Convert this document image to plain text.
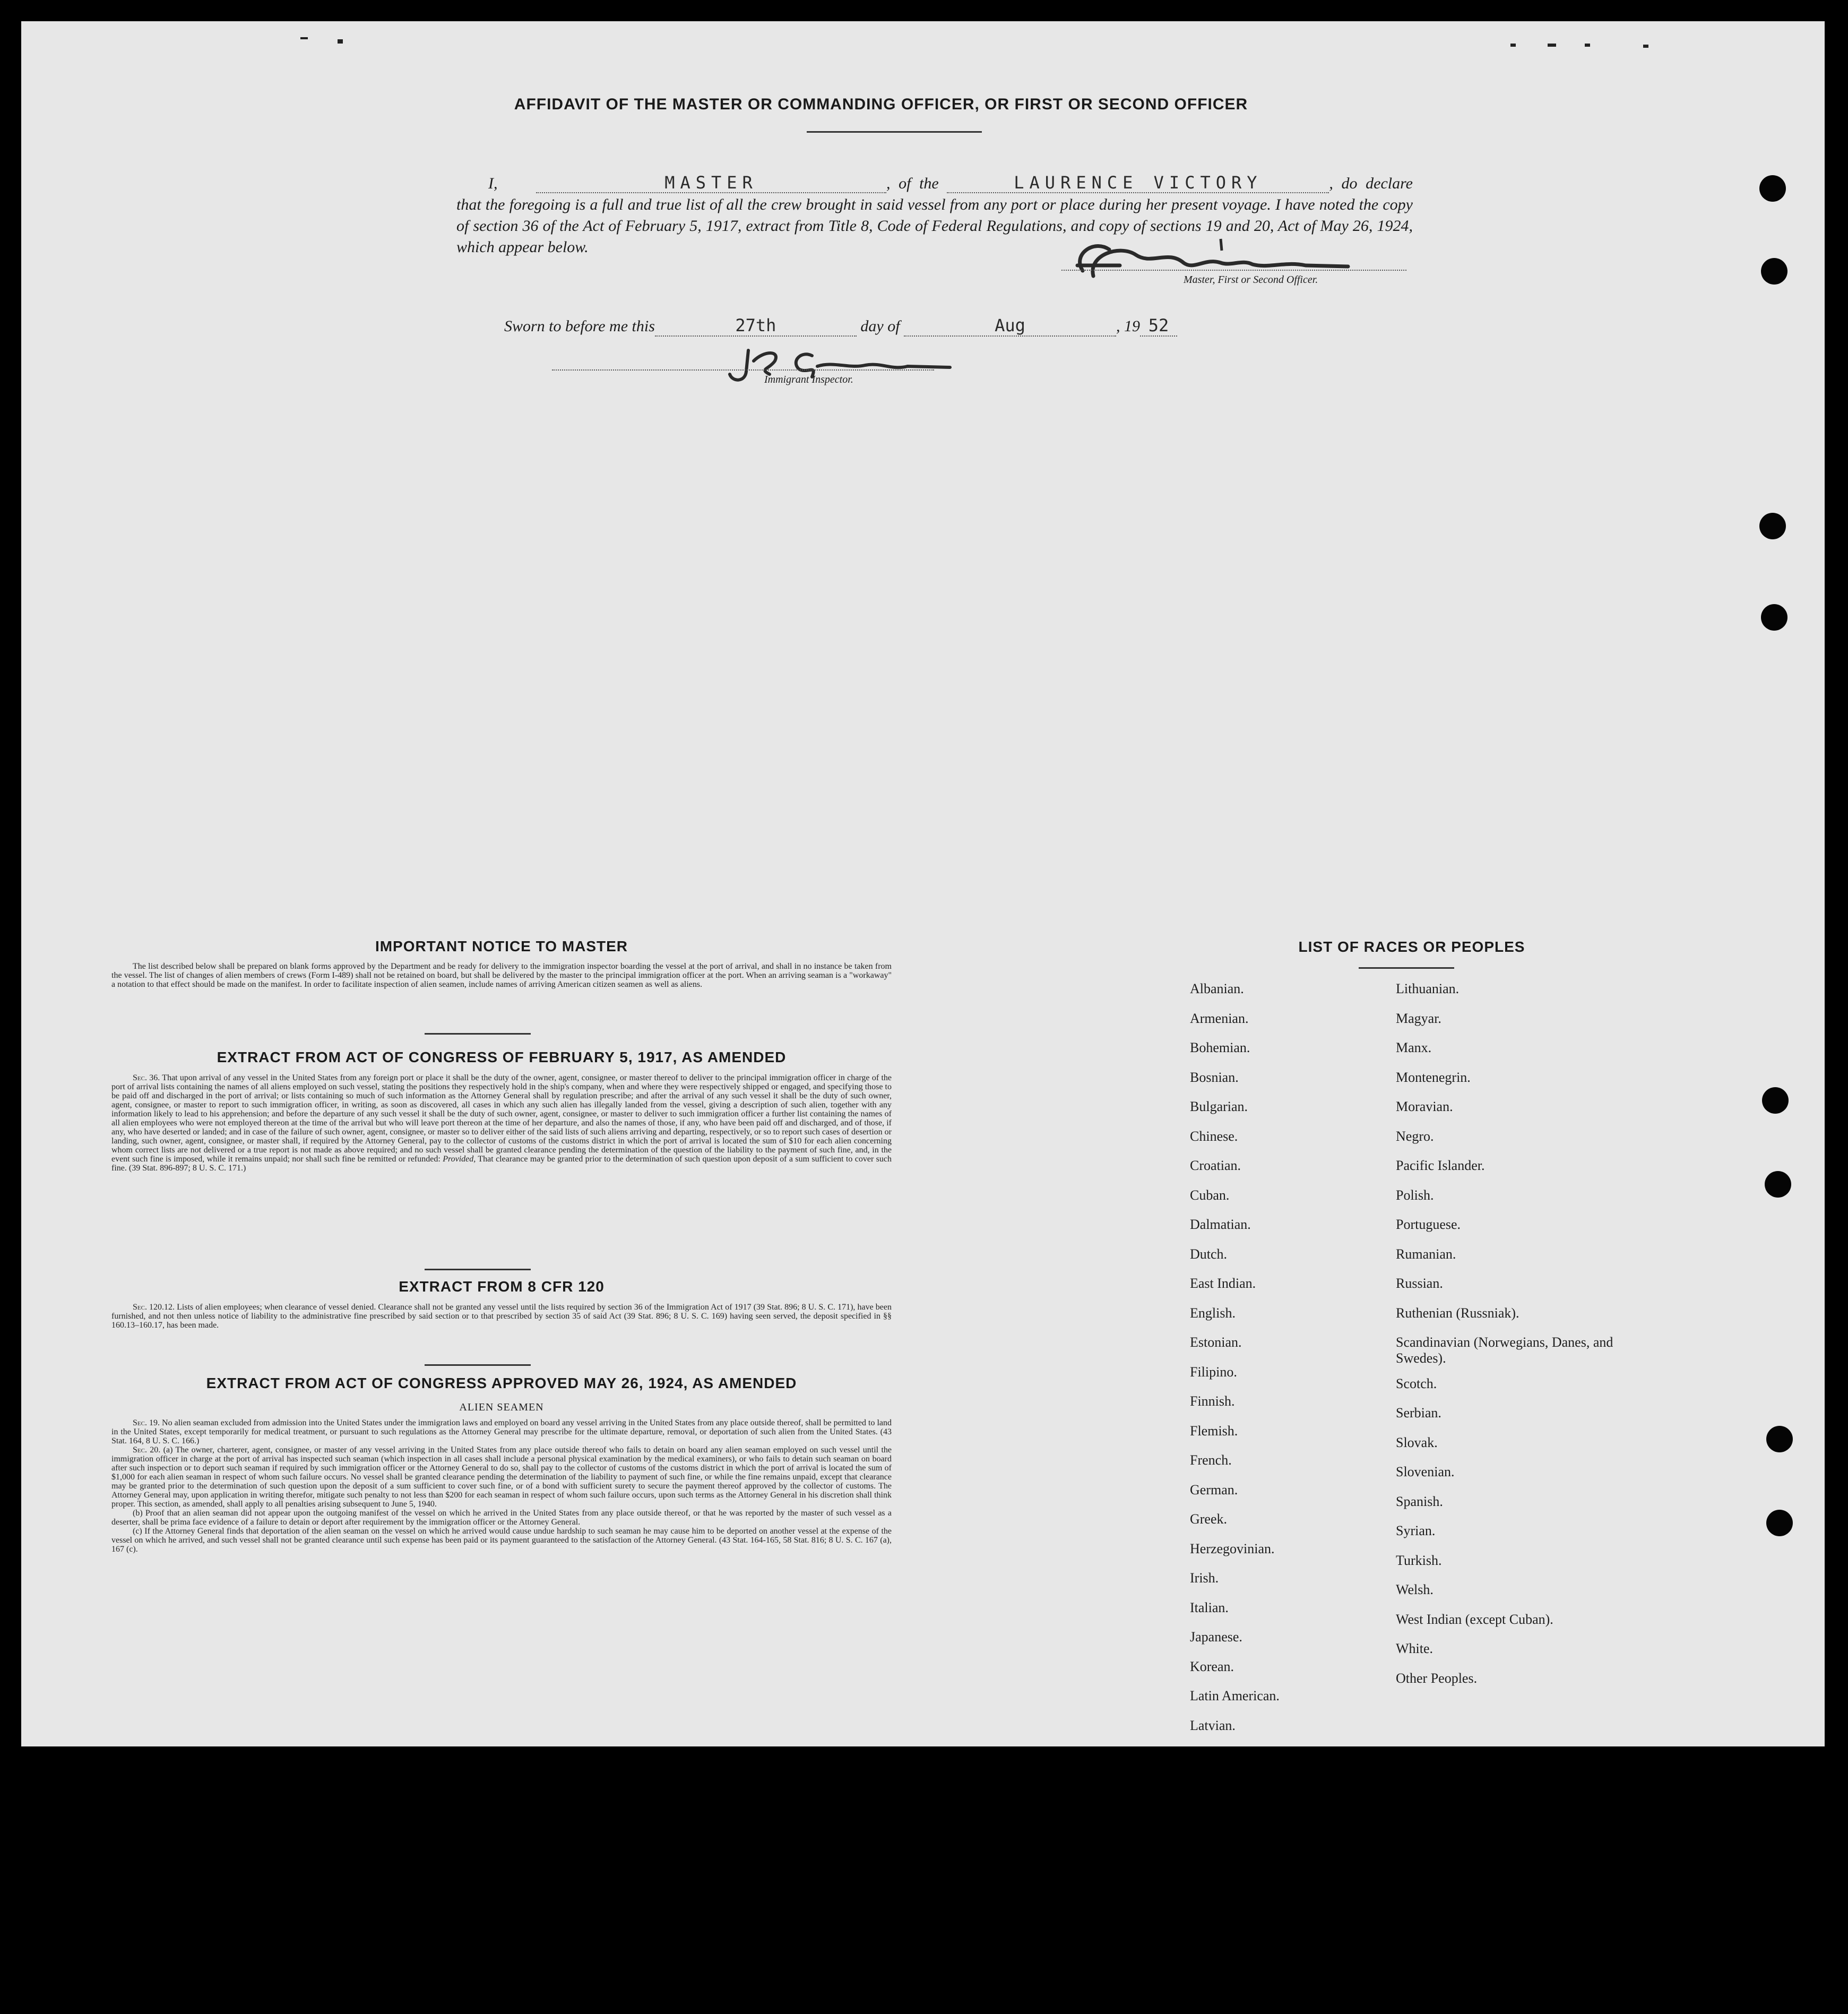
AFFIDAVIT OF THE MASTER OR COMMANDING OFFICER, OR FIRST OR SECOND OFFICER
I,	MASTER	, of the	LAURENCE VICTORY	, do declare that the foregoing is a full and true list of all the crew brought in said vessel from any port or place during her present voyage. I have noted the copy of section 36 of the Act of February 5, 1917, extract from Title 8, Code of Federal Regulations, and copy of sections 19 and 20, Act of May 26, 1924, which appear below.
Master, First or Second Officer.
Sworn to before me this	27th	day of	Aug	, 19 52
Immigrant Inspector.
IMPORTANT NOTICE TO MASTER

The list described below shall be prepared on blank forms approved by the Department and be ready for delivery to the immigration inspector boarding the vessel at the port of arrival, and shall in no instance be taken from the vessel. The list of changes of alien members of crews (Form I-489) shall not be retained on board, but shall be delivered by the master to the principal immigration officer at the port. When an arriving seaman is a "workaway" a notation to that effect should be made on the manifest. In order to facilitate inspection of alien seamen, include names of arriving American citizen seamen as well as aliens.

EXTRACT FROM ACT OF CONGRESS OF FEBRUARY 5, 1917, AS AMENDED

Sec. 36. That upon arrival of any vessel in the United States from any foreign port or place it shall be the duty of the owner, agent, consignee, or master thereof to deliver to the principal immigration officer in charge of the port of arrival lists containing the names of all aliens employed on such vessel, stating the positions they respectively hold in the ship's company, when and where they were respectively shipped or engaged, and specifying those to be paid off and discharged in the port of arrival; or lists containing so much of such information as the Attorney General shall by regulation prescribe; and after the arrival of any such vessel it shall be the duty of such owner, agent, consignee, or master to report to such immigration officer, in writing, as soon as discovered, all cases in which any such alien has illegally landed from the vessel, giving a description of such alien, together with any information likely to lead to his apprehension; and before the departure of any such vessel it shall be the duty of such owner, agent, consignee, or master to deliver to such immigration officer a further list containing the names of all alien employees who were not employed thereon at the time of the arrival but who will leave port thereon at the time of her departure, and also the names of those, if any, who have been paid off and discharged, and of those, if any, who have deserted or landed; and in case of the failure of such owner, agent, consignee, or master so to deliver either of the said lists of such aliens arriving and departing, respectively, or so to report such cases of desertion or landing, such owner, agent, consignee, or master shall, if required by the Attorney General, pay to the collector of customs of the customs district in which the port of arrival is located the sum of $10 for each alien concerning whom correct lists are not delivered or a true report is not made as above required; and no such vessel shall be granted clearance pending the determination of the question of the liability to the payment of such fine, and, in the event such fine is imposed, while it remains unpaid; nor shall such fine be remitted or refunded: Provided, That clearance may be granted prior to the determination of such question upon deposit of a sum sufficient to cover such fine. (39 Stat. 896-897; 8 U. S. C. 171.)

EXTRACT FROM 8 CFR 120

Sec. 120.12. Lists of alien employees; when clearance of vessel denied. Clearance shall not be granted any vessel until the lists required by section 36 of the Immigration Act of 1917 (39 Stat. 896; 8 U. S. C. 171), have been furnished, and not then unless notice of liability to the administrative fine prescribed by said section or to that prescribed by section 35 of said Act (39 Stat. 896; 8 U. S. C. 169) having seen served, the deposit specified in §§ 160.13–160.17, has been made.

EXTRACT FROM ACT OF CONGRESS APPROVED MAY 26, 1924, AS AMENDED
ALIEN SEAMEN

Sec. 19. No alien seaman excluded from admission into the United States under the immigration laws and employed on board any vessel arriving in the United States from any place outside thereof, shall be permitted to land in the United States, except temporarily for medical treatment, or pursuant to such regulations as the Attorney General may prescribe for the ultimate departure, removal, or deportation of such alien from the United States. (43 Stat. 164, 8 U. S. C. 166.)

Sec. 20. (a) The owner, charterer, agent, consignee, or master of any vessel arriving in the United States from any place outside thereof who fails to detain on board any alien seaman employed on such vessel until the immigration officer in charge at the port of arrival has inspected such seaman (which inspection in all cases shall include a personal physical examination by the medical examiners), or who fails to detain such seaman on board after such inspection or to deport such seaman if required by such immigration officer or the Attorney General to do so, shall pay to the collector of customs of the customs district in which the port of arrival is located the sum of $1,000 for each alien seaman in respect of whom such failure occurs. No vessel shall be granted clearance pending the determination of the liability to payment of such fine, or while the fine remains unpaid, except that clearance may be granted prior to the determination of such question upon the deposit of a sum sufficient to cover such fine, or of a bond with sufficient surety to secure the payment thereof approved by the collector of customs. The Attorney General may, upon application in writing therefor, mitigate such penalty to not less than $200 for each seaman in respect of whom such failure occurs, upon such terms as the Attorney General in his discretion shall think proper. This section, as amended, shall apply to all penalties arising subsequent to June 5, 1940.

(b) Proof that an alien seaman did not appear upon the outgoing manifest of the vessel on which he arrived in the United States from any place outside thereof, or that he was reported by the master of such vessel as a deserter, shall be prima face evidence of a failure to detain or deport after requirement by the immigration officer or the Attorney General.

(c) If the Attorney General finds that deportation of the alien seaman on the vessel on which he arrived would cause undue hardship to such seaman he may cause him to be deported on another vessel at the expense of the vessel on which he arrived, and such vessel shall not be granted clearance until such expense has been paid or its payment guaranteed to the satisfaction of the Attorney General. (43 Stat. 164-165, 58 Stat. 816; 8 U. S. C. 167 (a), 167 (c).

LIST OF RACES OR PEOPLES
Albanian.
Armenian.
Bohemian.
Bosnian.
Bulgarian.
Chinese.
Croatian.
Cuban.
Dalmatian.
Dutch.
East Indian.
English.
Estonian.
Filipino.
Finnish.
Flemish.
French.
German.
Greek.
Herzegovinian.
Irish.
Italian.
Japanese.
Korean.
Latin American.
Latvian.
Lithuanian.
Magyar.
Manx.
Montenegrin.
Moravian.
Negro.
Pacific Islander.
Polish.
Portuguese.
Rumanian.
Russian.
Ruthenian (Russniak).
Scandinavian (Norwegians, Danes, and Swedes).
Scotch.
Serbian.
Slovak.
Slovenian.
Spanish.
Syrian.
Turkish.
Welsh.
West Indian (except Cuban).
White.
Other Peoples.
